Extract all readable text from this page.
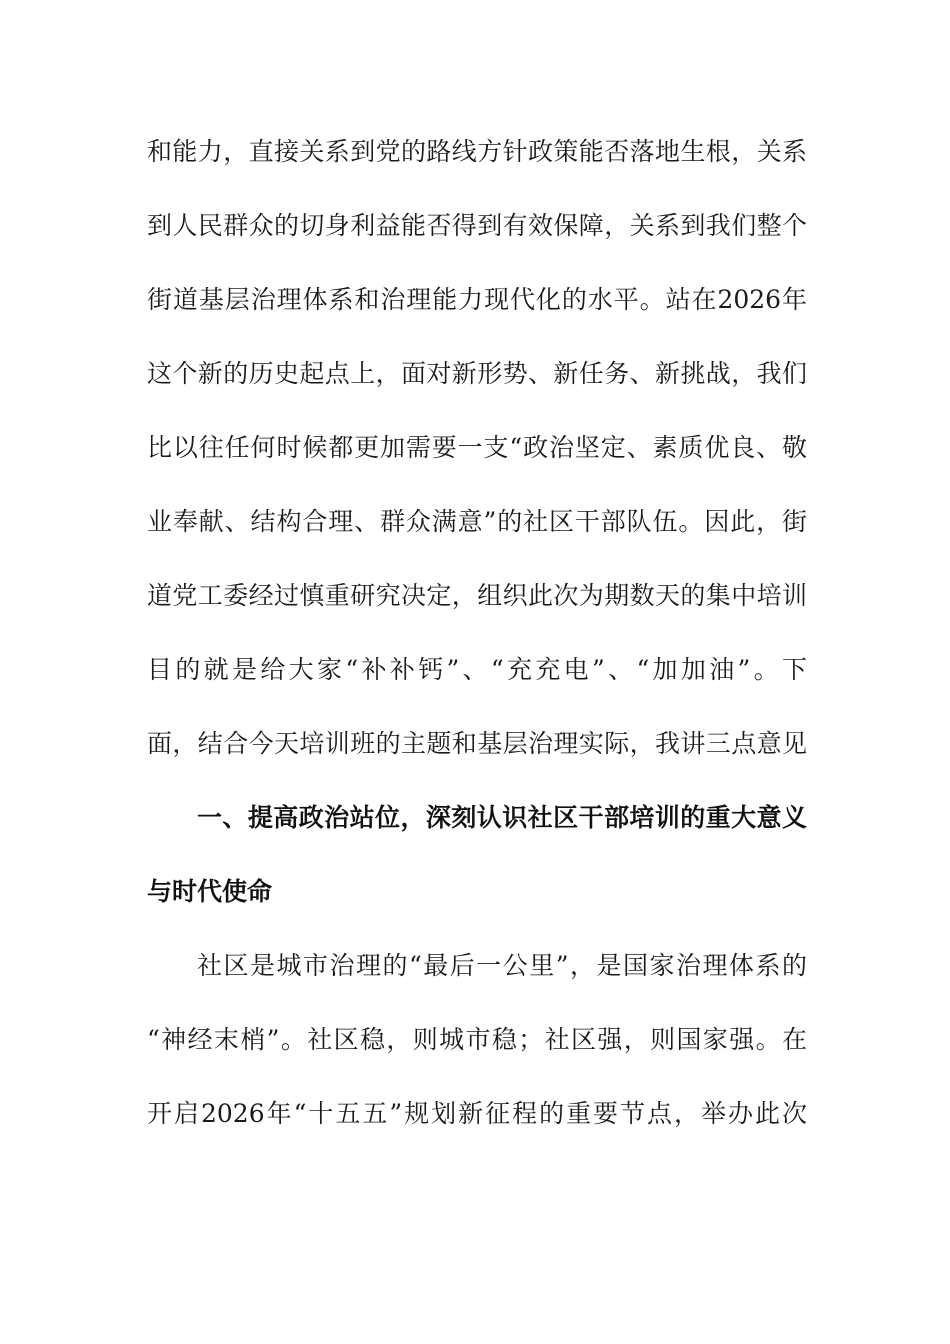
和能力，直接关系到党的路线方针政策能否落地生根，关系
到人民群众的切身利益能否得到有效保障，关系到我们整个
街道基层治理体系和治理能力现代化的水平。站在2026年
这个新的历史起点上，面对新形势、新任务、新挑战，我们
比以往任何时候都更加需要一支“政治坚定、素质优良、敬
业奉献、结构合理、群众满意”的社区干部队伍。因此，街
道党工委经过慎重研究决定，组织此次为期数天的集中培训
目的就是给大家“补补钙”、“充充电”、“加加油”。下
面，结合今天培训班的主题和基层治理实际，我讲三点意见
一、提高政治站位，深刻认识社区干部培训的重大意义
与时代使命
社区是城市治理的“最后一公里”，是国家治理体系的
“神经末梢”。社区稳，则城市稳；社区强，则国家强。在
开启2026年“十五五”规划新征程的重要节点，举办此次
